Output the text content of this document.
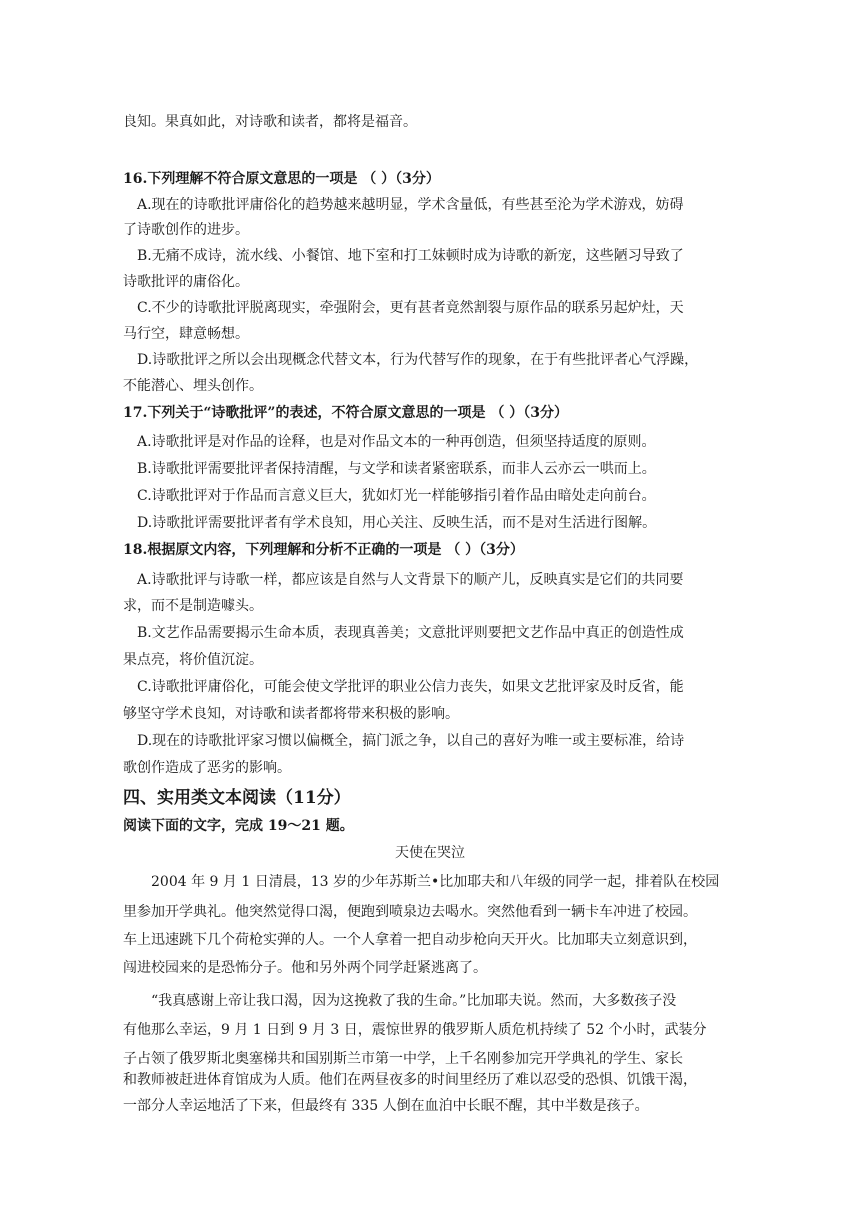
良知。果真如此，对诗歌和读者，都将是福音。
16.下列理解不符合原文意思的一项是 （ ）（3分）
A.现在的诗歌批评庸俗化的趋势越来越明显，学术含量低，有些甚至沦为学术游戏，妨碍
了诗歌创作的进步。
B.无痛不成诗，流水线、小餐馆、地下室和打工妹顿时成为诗歌的新宠，这些陋习导致了
诗歌批评的庸俗化。
C.不少的诗歌批评脱离现实，牵强附会，更有甚者竟然割裂与原作品的联系另起炉灶，天
马行空，肆意畅想。
D.诗歌批评之所以会出现概念代替文本，行为代替写作的现象，在于有些批评者心气浮躁，
不能潜心、埋头创作。
17.下列关于“诗歌批评”的表述，不符合原文意思的一项是 （ ）（3分）
A.诗歌批评是对作品的诠释，也是对作品文本的一种再创造，但须坚持适度的原则。
B.诗歌批评需要批评者保持清醒，与文学和读者紧密联系，而非人云亦云一哄而上。
C.诗歌批评对于作品而言意义巨大，犹如灯光一样能够指引着作品由暗处走向前台。
D.诗歌批评需要批评者有学术良知，用心关注、反映生活，而不是对生活进行图解。
18.根据原文内容，下列理解和分析不正确的一项是 （ ）（3分）
A.诗歌批评与诗歌一样，都应该是自然与人文背景下的顺产儿，反映真实是它们的共同要
求，而不是制造噱头。
B.文艺作品需要揭示生命本质，表现真善美；文意批评则要把文艺作品中真正的创造性成
果点亮，将价值沉淀。
C.诗歌批评庸俗化，可能会使文学批评的职业公信力丧失，如果文艺批评家及时反省，能
够坚守学术良知，对诗歌和读者都将带来积极的影响。
D.现在的诗歌批评家习惯以偏概全，搞门派之争，以自己的喜好为唯一或主要标准，给诗
歌创作造成了恶劣的影响。
四、实用类文本阅读（11分）
阅读下面的文字，完成 19～21 题。
天使在哭泣
2004 年 9 月 1 日清晨，13 岁的少年苏斯兰•比加耶夫和八年级的同学一起，排着队在校园
里参加开学典礼。他突然觉得口渴，便跑到喷泉边去喝水。突然他看到一辆卡车冲进了校园。
车上迅速跳下几个荷枪实弹的人。一个人拿着一把自动步枪向天开火。比加耶夫立刻意识到，
闯进校园来的是恐怖分子。他和另外两个同学赶紧逃离了。
“我真感谢上帝让我口渴，因为这挽救了我的生命。”比加耶夫说。然而，大多数孩子没
有他那么幸运，9 月 1 日到 9 月 3 日，震惊世界的俄罗斯人质危机持续了 52 个小时，武装分
子占领了俄罗斯北奥塞梯共和国别斯兰市第一中学，上千名刚参加完开学典礼的学生、家长
和教师被赶进体育馆成为人质。他们在两昼夜多的时间里经历了难以忍受的恐惧、饥饿干渴，
一部分人幸运地活了下来，但最终有 335 人倒在血泊中长眠不醒，其中半数是孩子。
